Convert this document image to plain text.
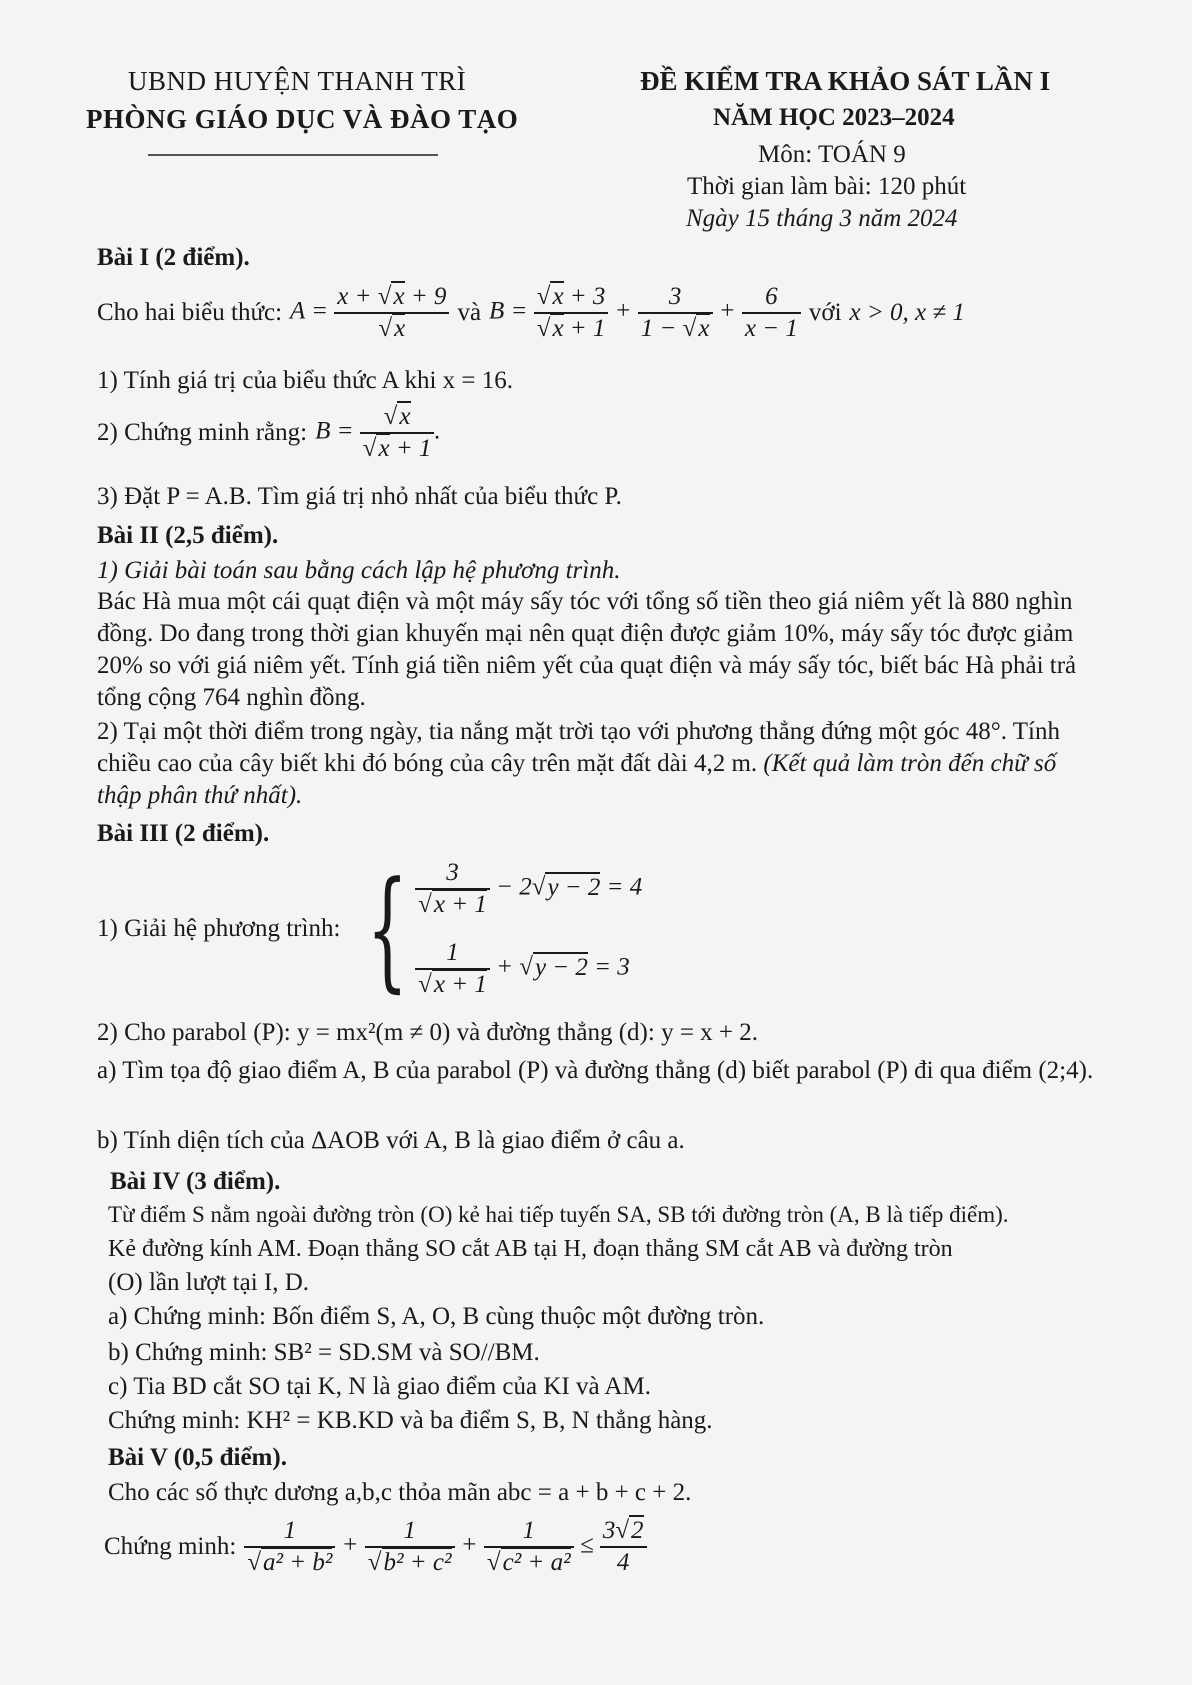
UBND HUYỆN THANH TRÌ
PHÒNG GIÁO DỤC VÀ ĐÀO TẠO
ĐỀ KIỂM TRA KHẢO SÁT LẦN I
NĂM HỌC 2023–2024
Môn: TOÁN 9
Thời gian làm bài: 120 phút
Ngày 15 tháng 3 năm 2024
Bài I (2 điểm).
Cho hai biểu thức: $A = \frac{x + √x + 9}{√x}$ và $B = \frac{√x + 3}{√x + 1} + \frac{3}{1 - √x} + \frac{6}{x - 1}$ với x > 0, x ≠ 1
1) Tính giá trị của biểu thức A khi x = 16.
2) Chứng minh rằng: $B = \frac{√x}{√x + 1}$ .
3) Đặt P = A.B. Tìm giá trị nhỏ nhất của biểu thức P.
Bài II (2,5 điểm).
1) Giải bài toán sau bằng cách lập hệ phương trình.
Bác Hà mua một cái quạt điện và một máy sấy tóc với tổng số tiền theo giá niêm yết là 880 nghìn đồng. Do đang trong thời gian khuyến mại nên quạt điện được giảm 10%, máy sấy tóc được giảm 20% so với giá niêm yết. Tính giá tiền niêm yết của quạt điện và máy sấy tóc, biết bác Hà phải trả tổng cộng 764 nghìn đồng.
2) Tại một thời điểm trong ngày, tia nắng mặt trời tạo với phương thẳng đứng một góc 48°. Tính chiều cao của cây biết khi đó bóng của cây trên mặt đất dài 4,2 m. (Kết quả làm tròn đến chữ số thập phân thứ nhất).
Bài III (2 điểm).
1) Giải hệ phương trình: { $\frac{3}{√x + 1} - 2√y - 2 = 4$
$\frac{1}{√x + 1} + √y - 2 = 3$
2) Cho parabol (P): y = mx²(m ≠ 0) và đường thẳng (d): y = x + 2.
a) Tìm tọa độ giao điểm A, B của parabol (P) và đường thẳng (d) biết parabol (P) đi qua điểm (2;4).
b) Tính diện tích của ΔAOB với A, B là giao điểm ở câu a.
Bài IV (3 điểm).
Từ điểm S nằm ngoài đường tròn (O) kẻ hai tiếp tuyến SA, SB tới đường tròn (A, B là tiếp điểm).
Kẻ đường kính AM. Đoạn thẳng SO cắt AB tại H, đoạn thẳng SM cắt AB và đường tròn
(O) lần lượt tại I, D.
a) Chứng minh: Bốn điểm S, A, O, B cùng thuộc một đường tròn.
b) Chứng minh: SB² = SD.SM và SO//BM.
c) Tia BD cắt SO tại K, N là giao điểm của KI và AM.
Chứng minh: KH² = KB.KD và ba điểm S, B, N thẳng hàng.
Bài V (0,5 điểm).
Cho các số thực dương a,b,c thỏa mãn abc = a + b + c + 2.
Chứng minh: $\frac{1}{\text{√a² + b²}} + \frac{1}{\text{√b² + c²}} + \frac{1}{\text{√c² + a²}} \le \frac{3√2}{4}$
